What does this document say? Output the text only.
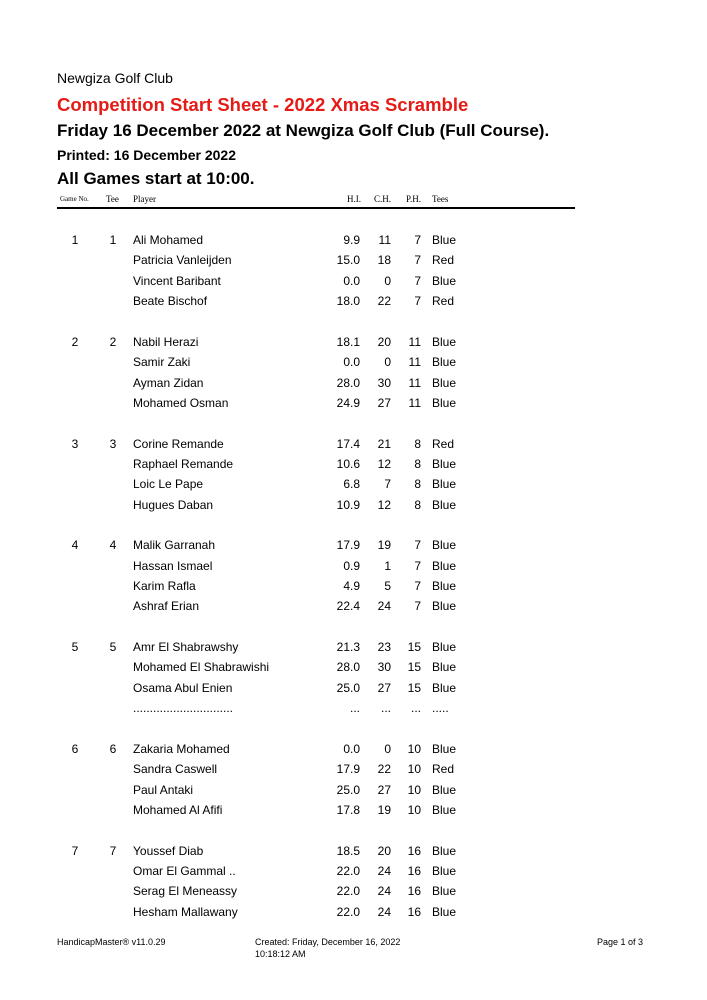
Newgiza Golf Club
Competition Start Sheet - 2022 Xmas Scramble
Friday 16 December 2022 at Newgiza Golf Club (Full Course).
Printed: 16 December 2022
All Games start at 10:00.
Game No. Tee Player	H.I. C.H. P.H. Tees
1	1	Ali Mohamed	9.9 11 7 Blue
Patricia Vanleijden	15.0 18 7 Red
Vincent Baribant	0.0 0 7 Blue
Beate Bischof	18.0 22 7 Red
2	2	Nabil Herazi	18.1 20 11 Blue
Samir Zaki	0.0 0 11 Blue
Ayman Zidan	28.0 30 11 Blue
Mohamed Osman	24.9 27 11 Blue
3	3	Corine Remande	17.4 21 8 Red
Raphael Remande	10.6 12 8 Blue
Loic Le Pape	6.8 7 8 Blue
Hugues Daban	10.9 12 8 Blue
4	4	Malik Garranah	17.9 19 7 Blue
Hassan Ismael	0.9 1 7 Blue
Karim Rafla	4.9 5 7 Blue
Ashraf Erian	22.4 24 7 Blue
5	5	Amr El Shabrawshy	21.3 23 15 Blue
Mohamed El Shabrawishi	28.0 30 15 Blue
Osama Abul Enien	25.0 27 15 Blue
..............................	... ... ... .....
6	6	Zakaria Mohamed	0.0 0 10 Blue
Sandra Caswell	17.9 22 10 Red
Paul Antaki	25.0 27 10 Blue
Mohamed Al Afifi	17.8 19 10 Blue
7	7	Youssef Diab	18.5 20 16 Blue
Omar El Gammal ..	22.0 24 16 Blue
Serag El Meneassy	22.0 24 16 Blue
Hesham Mallawany	22.0 24 16 Blue
HandicapMaster® v11.0.29	Created: Friday, December 16, 2022
10:18:12 AM
Page 1 of 3
